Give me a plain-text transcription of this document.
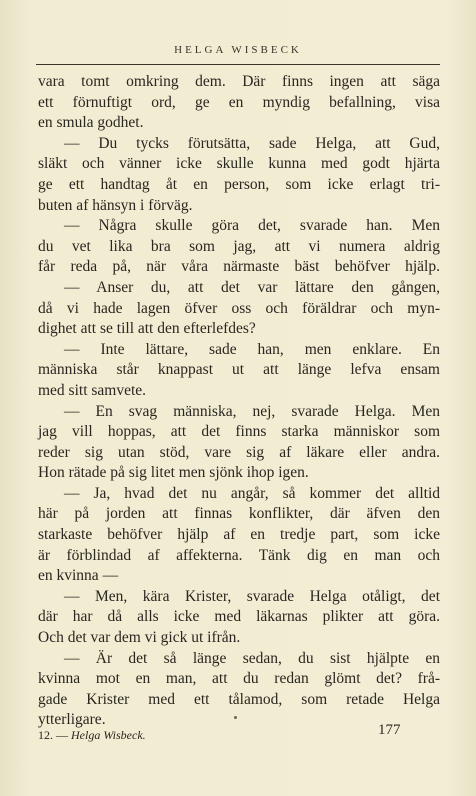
HELGA WISBECK
vara tomt omkring dem. Där finns ingen att säga
ett förnuftigt ord, ge en myndig befallning, visa
en smula godhet.
— Du tycks förutsätta, sade Helga, att Gud,
släkt och vänner icke skulle kunna med godt hjärta
ge ett handtag åt en person, som icke erlagt tri-
buten af hänsyn i förväg.
— Några skulle göra det, svarade han. Men
du vet lika bra som jag, att vi numera aldrig
får reda på, när våra närmaste bäst behöfver hjälp.
— Anser du, att det var lättare den gången,
då vi hade lagen öfver oss och föräldrar och myn-
dighet att se till att den efterlefdes?
— Inte lättare, sade han, men enklare. En
människa står knappast ut att länge lefva ensam
med sitt samvete.
— En svag människa, nej, svarade Helga. Men
jag vill hoppas, att det finns starka människor som
reder sig utan stöd, vare sig af läkare eller andra.
Hon rätade på sig litet men sjönk ihop igen.
— Ja, hvad det nu angår, så kommer det alltid
här på jorden att finnas konflikter, där äfven den
starkaste behöfver hjälp af en tredje part, som icke
är förblindad af affekterna. Tänk dig en man och
en kvinna —
— Men, kära Krister, svarade Helga otåligt, det
där har då alls icke med läkarnas plikter att göra.
Och det var dem vi gick ut ifrån.
— Är det så länge sedan, du sist hjälpte en
kvinna mot en man, att du redan glömt det? frå-
gade Krister med ett tålamod, som retade Helga
ytterligare.
12. — Helga Wisbeck.	177
